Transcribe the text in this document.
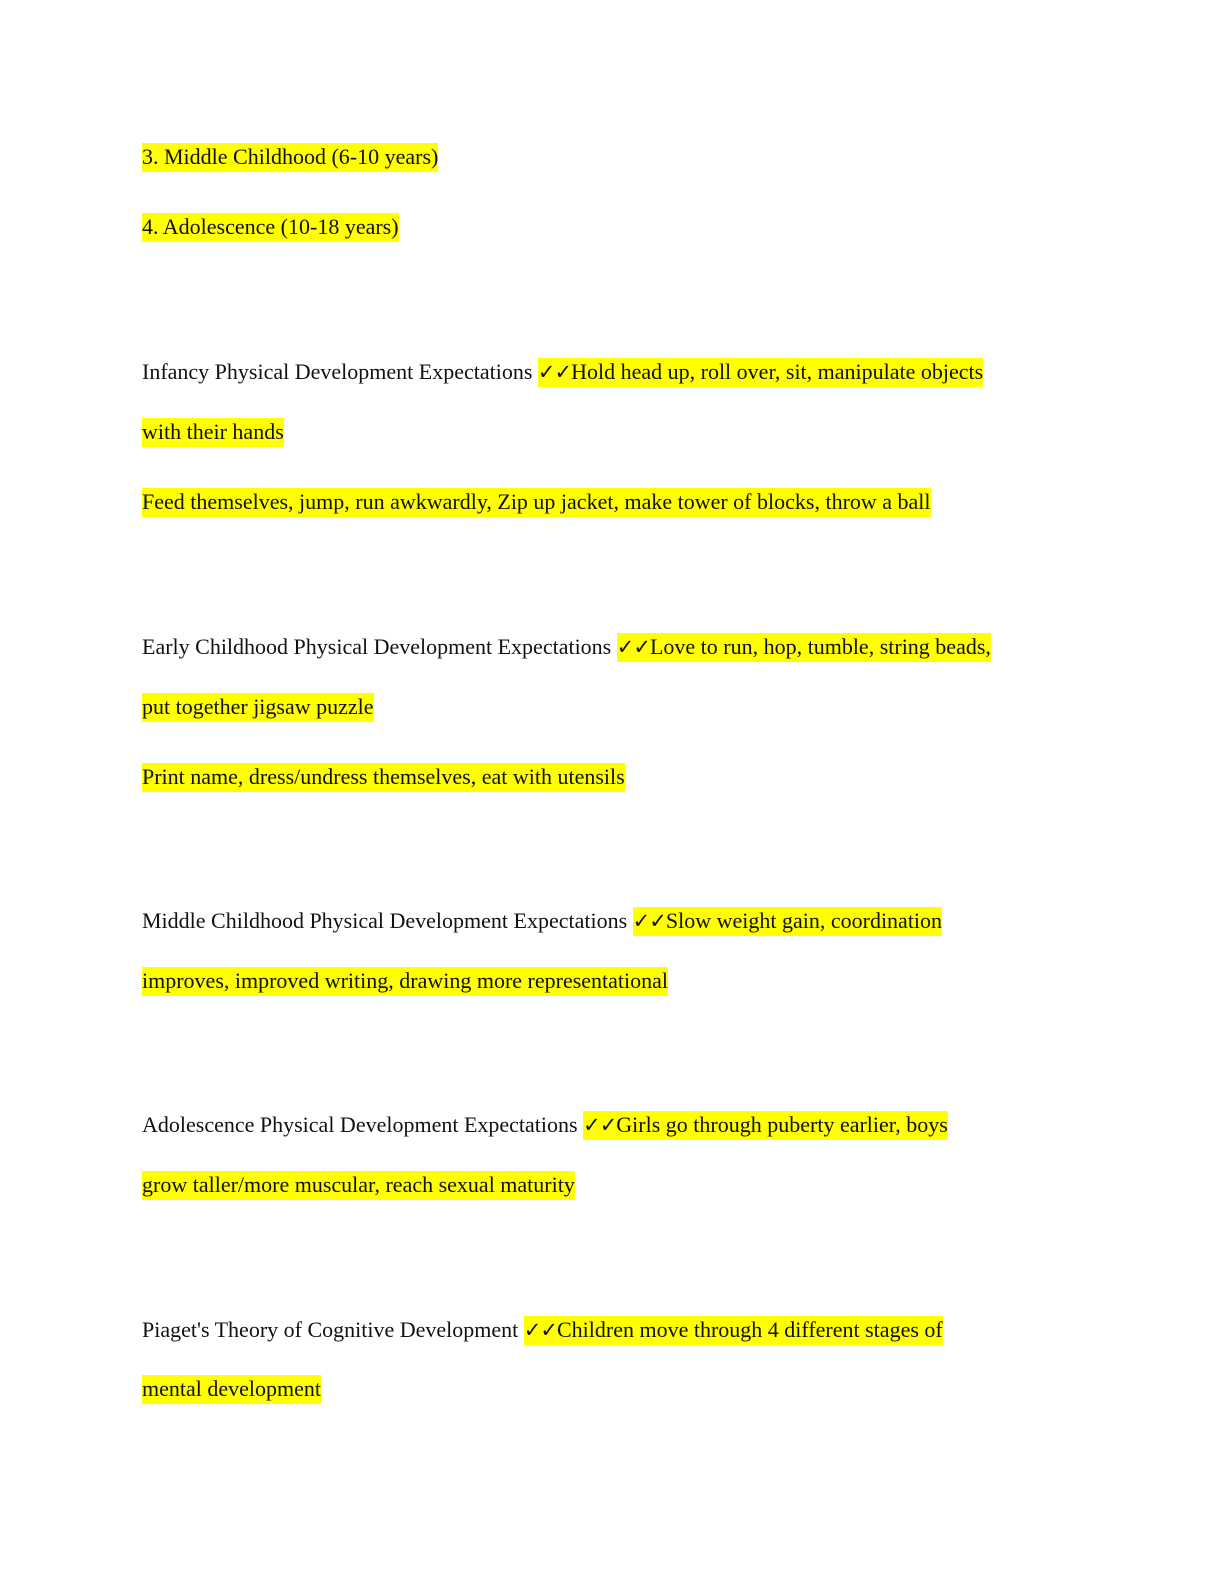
3. Middle Childhood (6-10 years)
4. Adolescence (10-18 years)
Infancy Physical Development Expectations ✓✓Hold head up, roll over, sit, manipulate objects
with their hands
Feed themselves, jump, run awkwardly, Zip up jacket, make tower of blocks, throw a ball
Early Childhood Physical Development Expectations ✓✓Love to run, hop, tumble, string beads,
put together jigsaw puzzle
Print name, dress/undress themselves, eat with utensils
Middle Childhood Physical Development Expectations ✓✓Slow weight gain, coordination
improves, improved writing, drawing more representational
Adolescence Physical Development Expectations ✓✓Girls go through puberty earlier, boys
grow taller/more muscular, reach sexual maturity
Piaget's Theory of Cognitive Development ✓✓Children move through 4 different stages of
mental development
